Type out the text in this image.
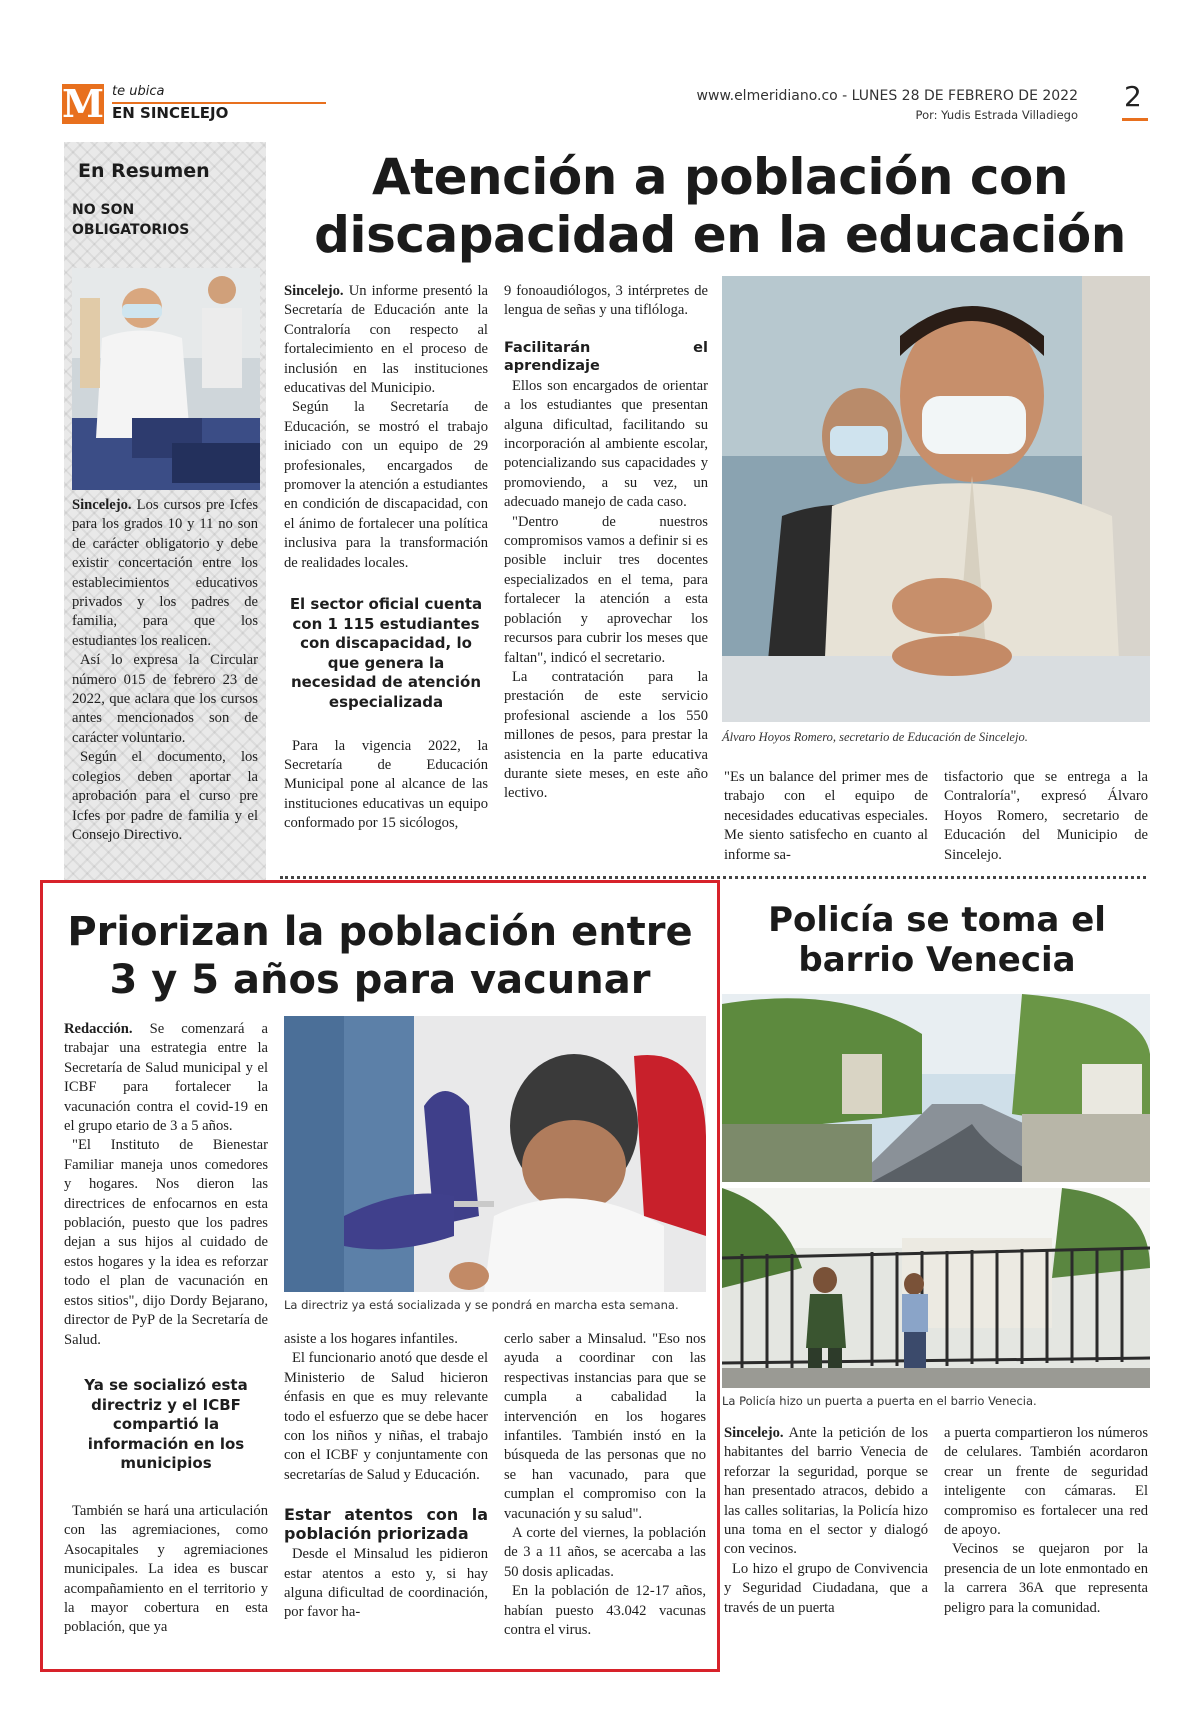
M te ubica
EN SINCELEJO
www.elmeridiano.co - LUNES 28 DE FEBRERO DE 2022
Por: Yudis Estrada Villadiego
2
En Resumen
NO SON OBLIGATORIOS

Sincelejo. Los cursos pre Icfes para los grados 10 y 11 no son de carácter obligatorio y debe existir concertación entre los establecimientos educativos privados y los padres de familia, para que los estudiantes los realicen.

Así lo expresa la Circular número 015 de febrero 23 de 2022, que aclara que los cursos antes mencionados son de carácter voluntario.

Según el documento, los colegios deben aportar la aprobación para el curso pre Icfes por padre de familia y el Consejo Directivo.

Atención a población con
discapacidad en la educación

Sincelejo. Un informe presentó la Secretaría de Educación ante la Contraloría con respecto al fortalecimiento en el proceso de inclusión en las instituciones educativas del Municipio.

Según la Secretaría de Educación, se mostró el trabajo iniciado con un equipo de 29 profesionales, encargados de promover la atención a estudiantes en condición de discapacidad, con el ánimo de fortalecer una política inclusiva para la transformación de realidades locales.

El sector oficial cuenta con 1 115 estudiantes con discapacidad, lo que genera la necesidad de atención especializada

Para la vigencia 2022, la Secretaría de Educación Municipal pone al alcance de las instituciones educativas un equipo conformado por 15 sicólogos,

9 fonoaudiólogos, 3 intérpretes de lengua de señas y una tiflóloga.

Facilitarán el aprendizaje

Ellos son encargados de orientar a los estudiantes que presentan alguna dificultad, facilitando su incorporación al ambiente escolar, potencializando sus capacidades y promoviendo, a su vez, un adecuado manejo de cada caso.

"Dentro de nuestros compromisos vamos a definir si es posible incluir tres docentes especializados en el tema, para fortalecer la atención a esta población y aprovechar los recursos para cubrir los meses que faltan", indicó el secretario.

La contratación para la prestación de este servicio profesional asciende a los 550 millones de pesos, para prestar la asistencia en la parte educativa durante siete meses, en este año lectivo.

Álvaro Hoyos Romero, secretario de Educación de Sincelejo.

"Es un balance del primer mes de trabajo con el equipo de necesidades educativas especiales. Me siento satisfecho en cuanto al informe sa-

tisfactorio que se entrega a la Contraloría", expresó Álvaro Hoyos Romero, secretario de Educación del Municipio de Sincelejo.

Priorizan la población entre
3 y 5 años para vacunar

Redacción. Se comenzará a trabajar una estrategia entre la Secretaría de Salud municipal y el ICBF para fortalecer la vacunación contra el covid-19 en el grupo etario de 3 a 5 años.

"El Instituto de Bienestar Familiar maneja unos comedores y hogares. Nos dieron las directrices de enfocarnos en esta población, puesto que los padres dejan a sus hijos al cuidado de estos hogares y la idea es reforzar todo el plan de vacunación en estos sitios", dijo Dordy Bejarano, director de PyP de la Secretaría de Salud.

Ya se socializó esta directriz y el ICBF compartió la información en los municipios

También se hará una articulación con las agremiaciones, como Asocapitales y agremiaciones municipales. La idea es buscar acompañamiento en el territorio y la mayor cobertura en esta población, que ya

La directriz ya está socializada y se pondrá en marcha esta semana.

asiste a los hogares infantiles.

El funcionario anotó que desde el Ministerio de Salud hicieron énfasis en que es muy relevante todo el esfuerzo que se debe hacer con los niños y niñas, el trabajo con el ICBF y conjuntamente con secretarías de Salud y Educación.

Estar atentos con la población priorizada

Desde el Minsalud les pidieron estar atentos a esto y, si hay alguna dificultad de coordinación, por favor ha-

cerlo saber a Minsalud. "Eso nos ayuda a coordinar con las respectivas instancias para que se cumpla a cabalidad la intervención en los hogares infantiles. También instó en la búsqueda de las personas que no se han vacunado, para que cumplan el compromiso con la vacunación y su salud".

A corte del viernes, la población de 3 a 11 años, se acercaba a las 50 dosis aplicadas.

En la población de 12-17 años, habían puesto 43.042 vacunas contra el virus.

Policía se toma el
barrio Venecia
La Policía hizo un puerta a puerta en el barrio Venecia.

Sincelejo. Ante la petición de los habitantes del barrio Venecia de reforzar la seguridad, porque se han presentado atracos, debido a las calles solitarias, la Policía hizo una toma en el sector y dialogó con vecinos.

Lo hizo el grupo de Convivencia y Seguridad Ciudadana, que a través de un puerta

a puerta compartieron los números de celulares. También acordaron crear un frente de seguridad inteligente con cámaras. El compromiso es fortalecer una red de apoyo.

Vecinos se quejaron por la presencia de un lote enmontado en la carrera 36A que representa peligro para la comunidad.
